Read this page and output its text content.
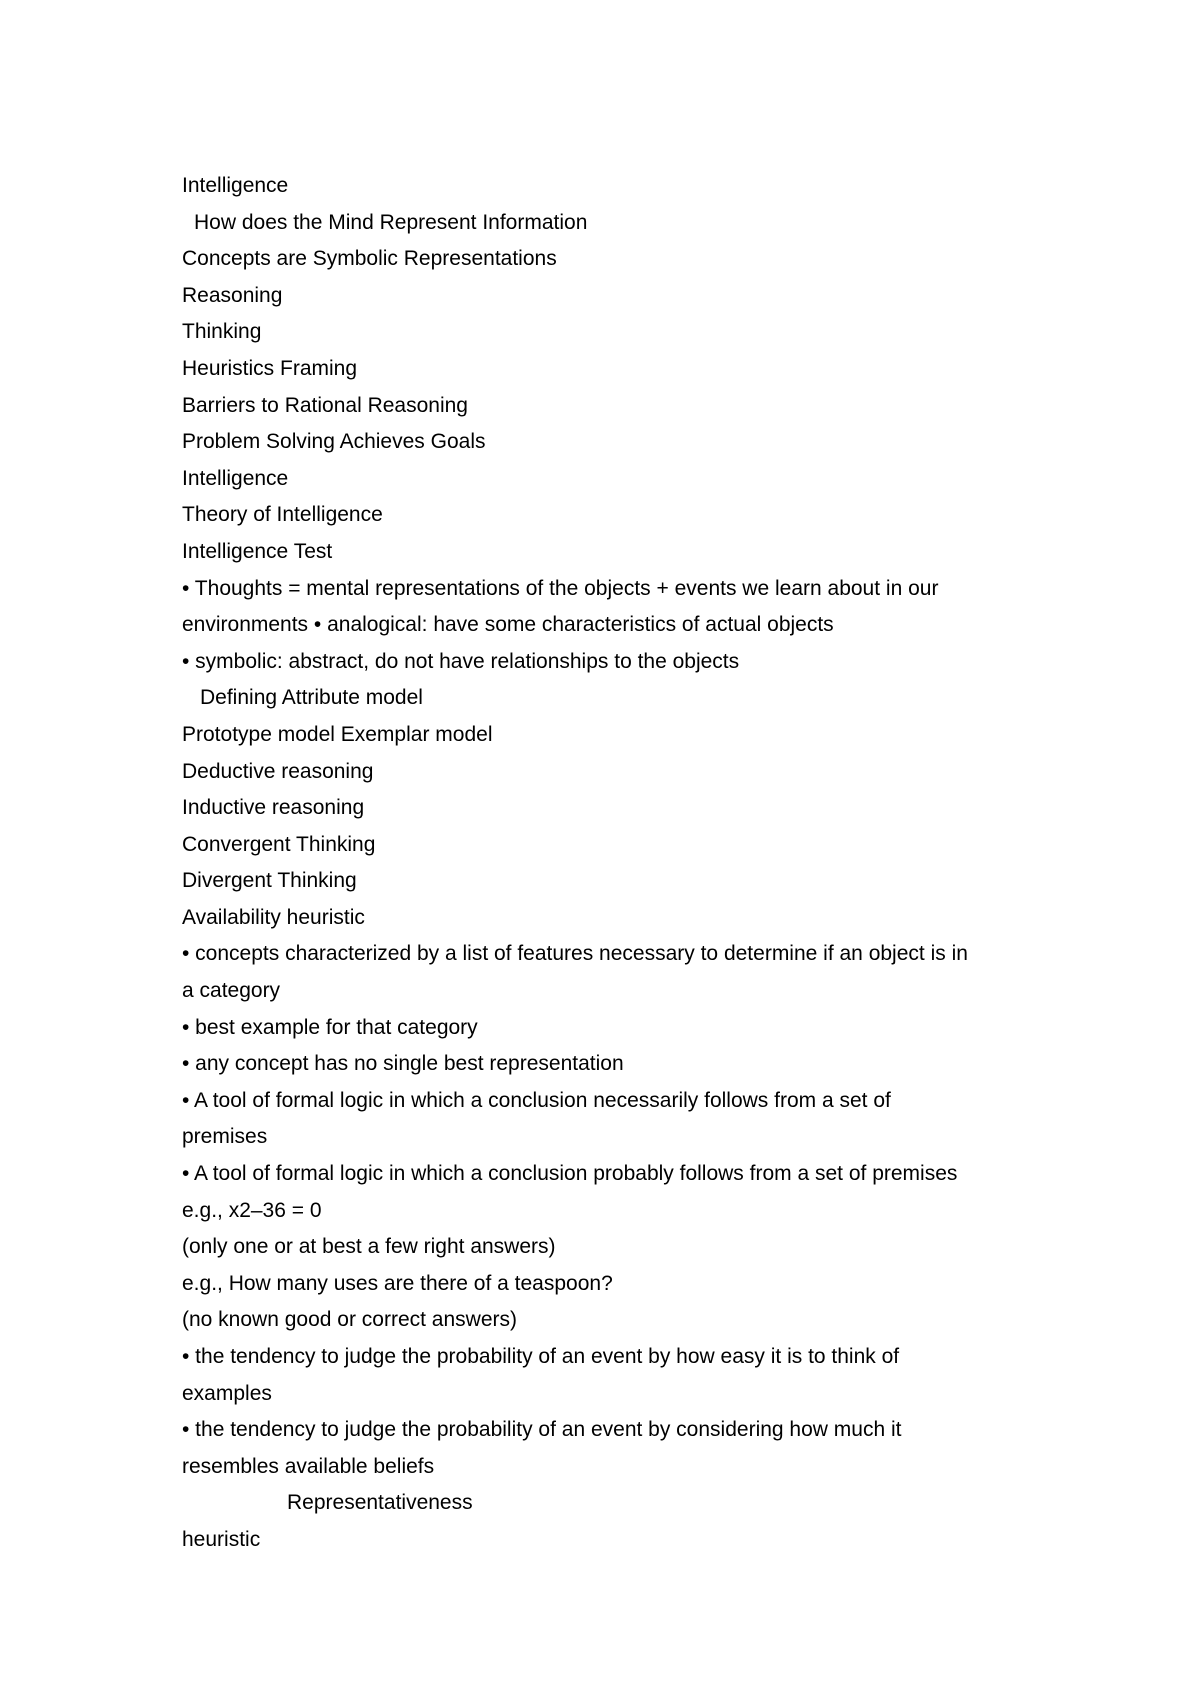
Intelligence
How does the Mind Represent Information
Concepts are Symbolic Representations
Reasoning
Thinking
Heuristics Framing
Barriers to Rational Reasoning
Problem Solving Achieves Goals
Intelligence
Theory of Intelligence
Intelligence Test
• Thoughts = mental representations of the objects + events we learn about in our
environments • analogical: have some characteristics of actual objects
• symbolic: abstract, do not have relationships to the objects
Defining Attribute model
Prototype model Exemplar model
Deductive reasoning
Inductive reasoning
Convergent Thinking
Divergent Thinking
Availability heuristic
• concepts characterized by a list of features necessary to determine if an object is in
a category
• best example for that category
• any concept has no single best representation
• A tool of formal logic in which a conclusion necessarily follows from a set of
premises
• A tool of formal logic in which a conclusion probably follows from a set of premises
e.g., x2–36 = 0
(only one or at best a few right answers)
e.g., How many uses are there of a teaspoon?
(no known good or correct answers)
• the tendency to judge the probability of an event by how easy it is to think of
examples
• the tendency to judge the probability of an event by considering how much it
resembles available beliefs
Representativeness
heuristic
